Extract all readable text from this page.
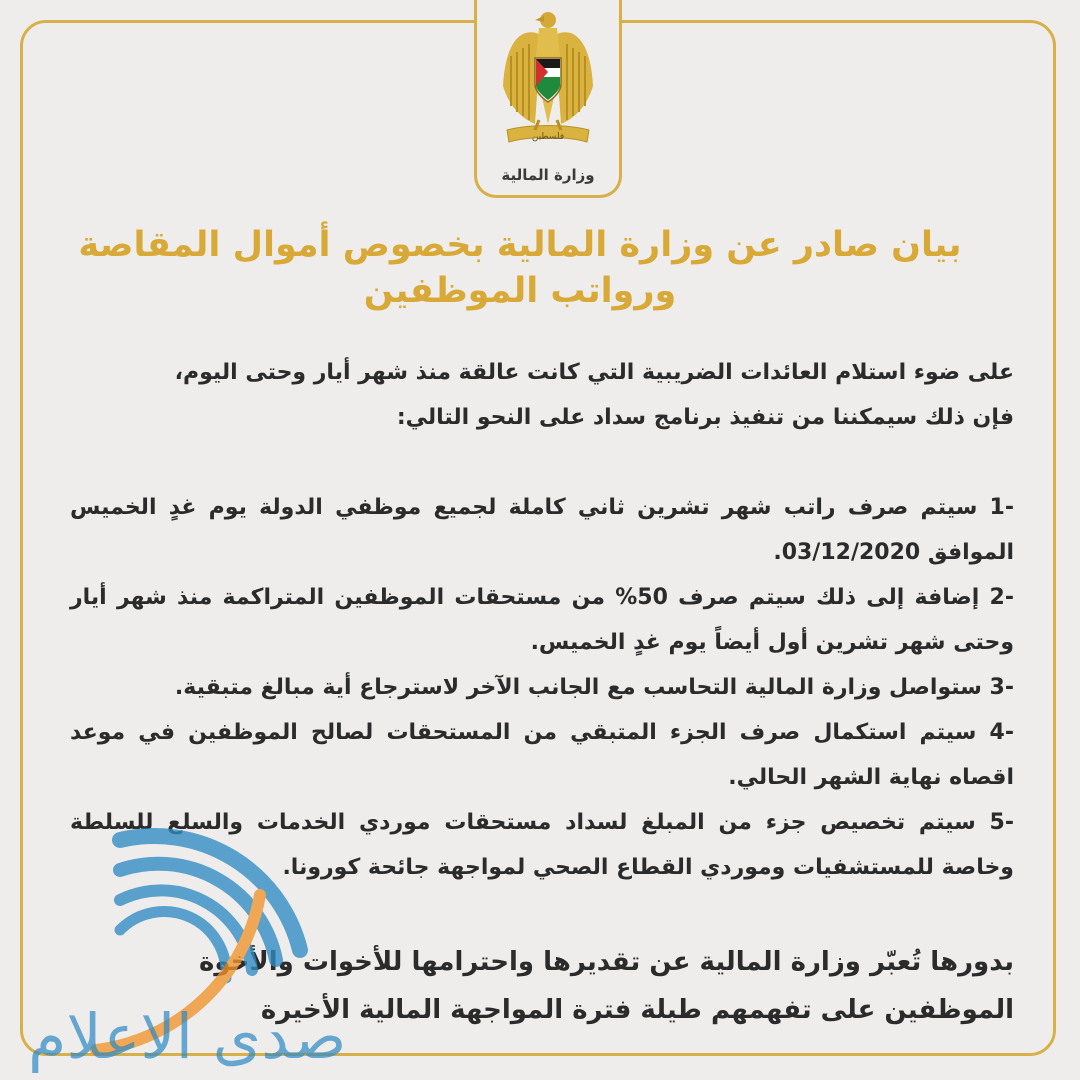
فلسطين
وزارة المالية
بيان صادر عن وزارة المالية بخصوص أموال المقاصة
ورواتب الموظفين

على ضوء استلام العائدات الضريبية التي كانت عالقة منذ شهر أيار وحتى اليوم،

فإن ذلك سيمكننا من تنفيذ برنامج سداد على النحو التالي:

-1 سيتم صرف راتب شهر تشرين ثاني كاملة لجميع موظفي الدولة يوم غدٍ الخميس الموافق 03/12/2020.

-2 إضافة إلى ذلك سيتم صرف 50% من مستحقات الموظفين المتراكمة منذ شهر أيار وحتى شهر تشرين أول أيضاً يوم غدٍ الخميس.

-3 ستواصل وزارة المالية التحاسب مع الجانب الآخر لاسترجاع أية مبالغ متبقية.

-4 سيتم استكمال صرف الجزء المتبقي من المستحقات لصالح الموظفين في موعد اقصاه نهاية الشهر الحالي.

-5 سيتم تخصيص جزء من المبلغ لسداد مستحقات موردي الخدمات والسلع للسلطة وخاصة للمستشفيات وموردي القطاع الصحي لمواجهة جائحة كورونا.

بدورها تُعبّر وزارة المالية عن تقديرها واحترامها للأخوات والأخوة

الموظفين على تفهمهم طيلة فترة المواجهة المالية الأخيرة

صدى الاعلام
